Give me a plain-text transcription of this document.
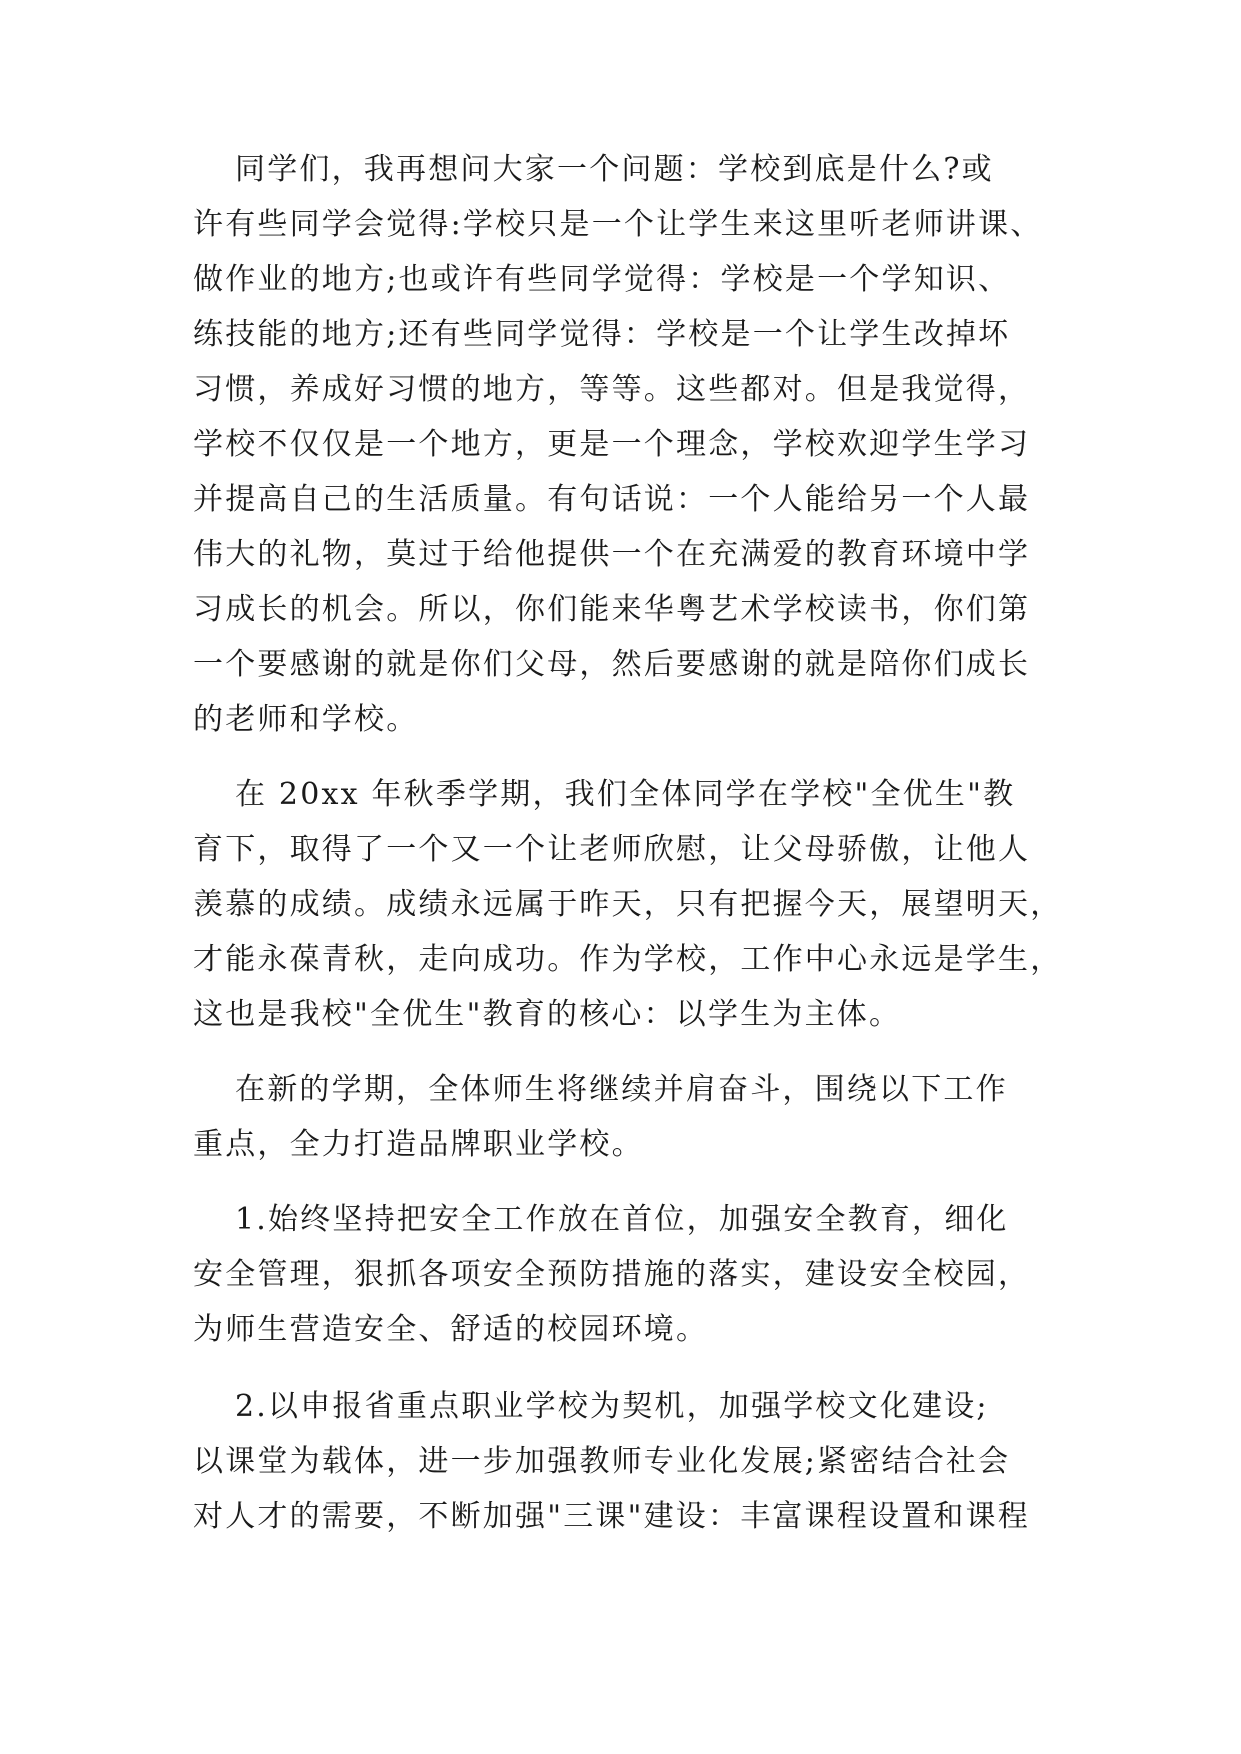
同学们，我再想问大家一个问题：学校到底是什么?或
许有些同学会觉得:学校只是一个让学生来这里听老师讲课、
做作业的地方;也或许有些同学觉得：学校是一个学知识、
练技能的地方;还有些同学觉得：学校是一个让学生改掉坏
习惯，养成好习惯的地方，等等。这些都对。但是我觉得，
学校不仅仅是一个地方，更是一个理念，学校欢迎学生学习
并提高自己的生活质量。有句话说：一个人能给另一个人最
伟大的礼物，莫过于给他提供一个在充满爱的教育环境中学
习成长的机会。所以，你们能来华粤艺术学校读书，你们第
一个要感谢的就是你们父母，然后要感谢的就是陪你们成长
的老师和学校。
在 20xx 年秋季学期，我们全体同学在学校"全优生"教
育下，取得了一个又一个让老师欣慰，让父母骄傲，让他人
羡慕的成绩。成绩永远属于昨天，只有把握今天，展望明天，
才能永葆青秋，走向成功。作为学校，工作中心永远是学生，
这也是我校"全优生"教育的核心：以学生为主体。
在新的学期，全体师生将继续并肩奋斗，围绕以下工作
重点，全力打造品牌职业学校。
1.始终坚持把安全工作放在首位，加强安全教育，细化
安全管理，狠抓各项安全预防措施的落实，建设安全校园，
为师生营造安全、舒适的校园环境。
2.以申报省重点职业学校为契机，加强学校文化建设;
以课堂为载体，进一步加强教师专业化发展;紧密结合社会
对人才的需要，不断加强"三课"建设：丰富课程设置和课程
